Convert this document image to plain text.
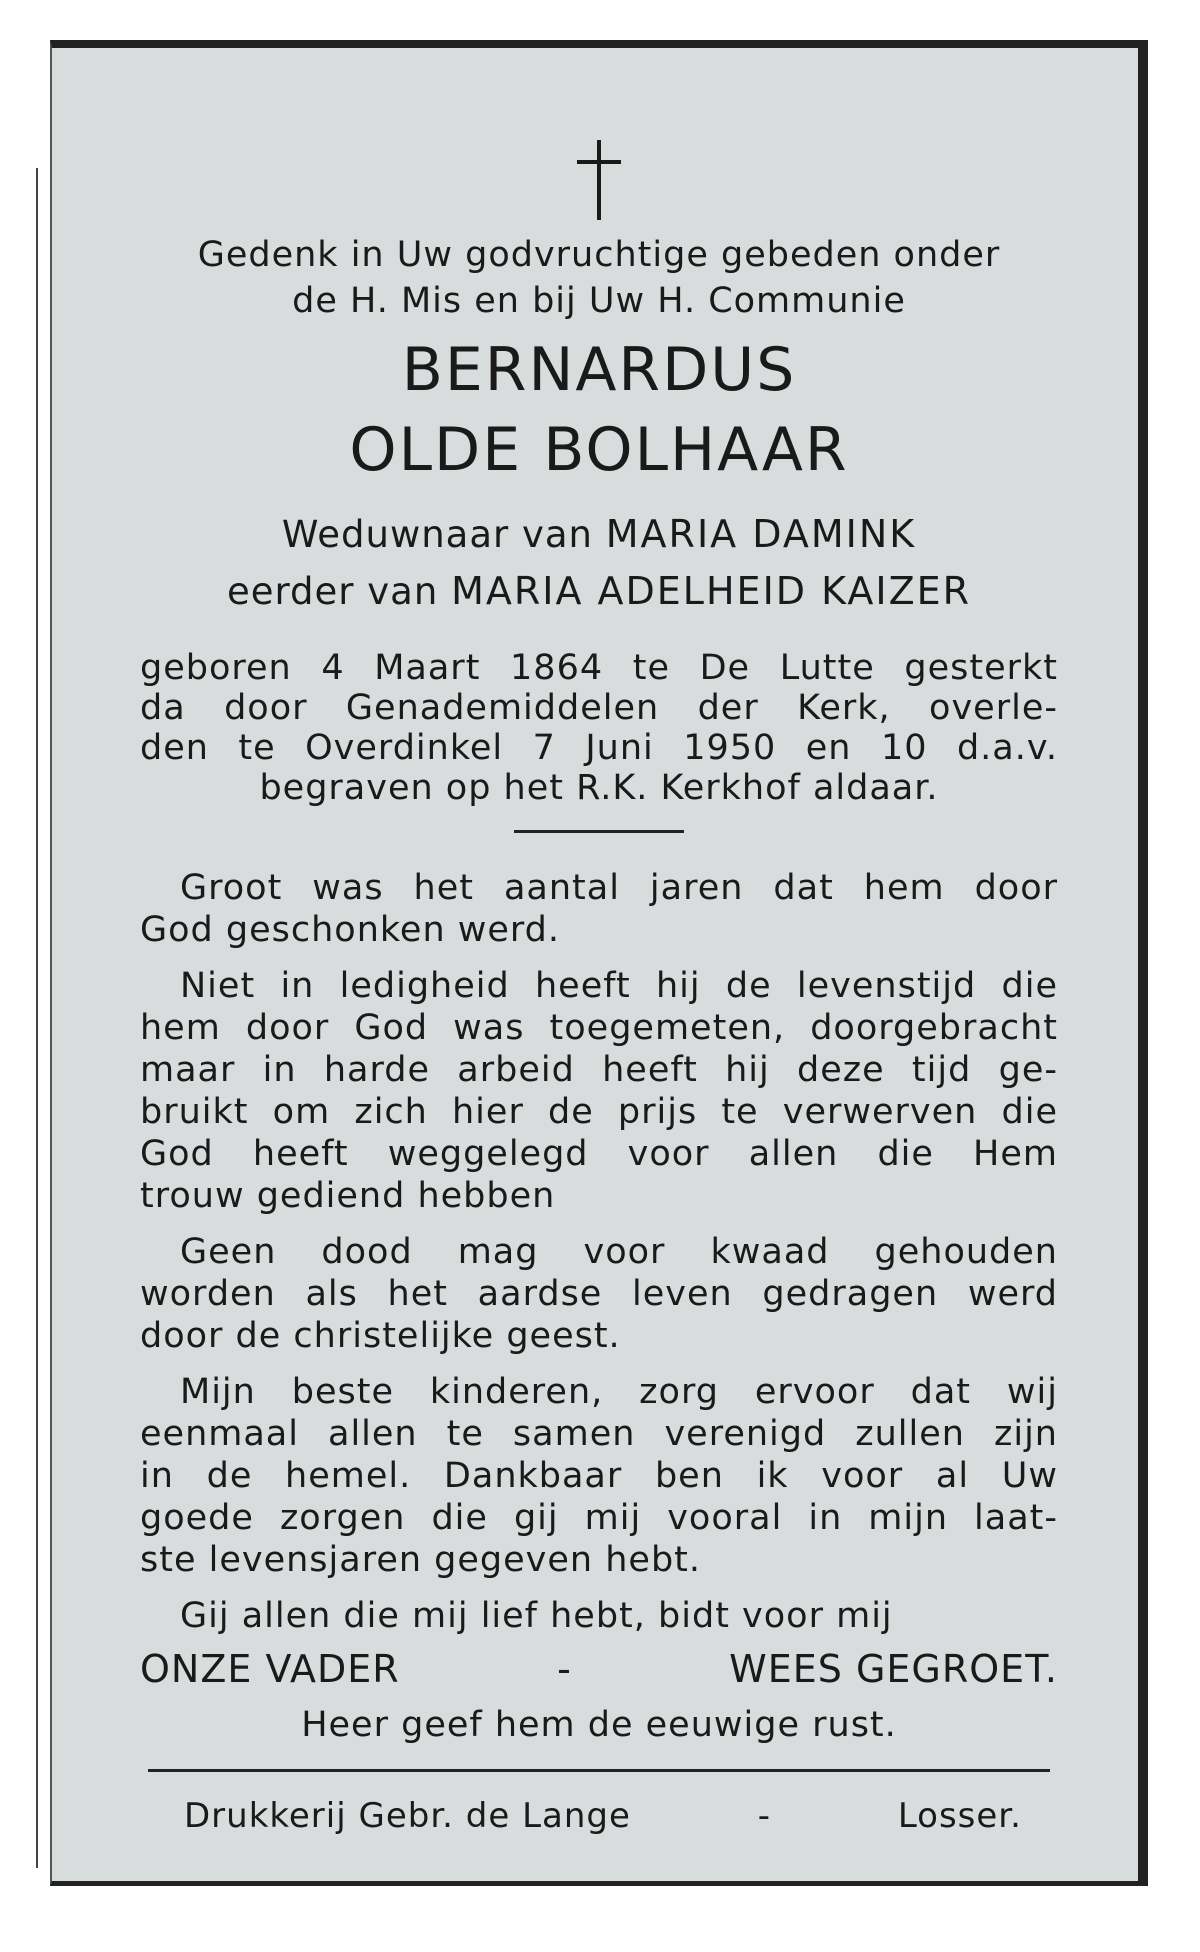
Gedenk in Uw godvruchtige gebeden onder
de H. Mis en bij Uw H. Communie
BERNARDUS
OLDE BOLHAAR
Weduwnaar van MARIA DAMINK
eerder van MARIA ADELHEID KAIZER
geboren 4 Maart 1864 te De Lutte gesterkt
da door Genademiddelen der Kerk, overle-
den te Overdinkel 7 Juni 1950 en 10 d.a.v.
begraven op het R.K. Kerkhof aldaar.
Groot was het aantal jaren dat hem door
God geschonken werd.
Niet in ledigheid heeft hij de levenstijd die
hem door God was toegemeten, doorgebracht
maar in harde arbeid heeft hij deze tijd ge-
bruikt om zich hier de prijs te verwerven die
God heeft weggelegd voor allen die Hem
trouw gediend hebben
Geen dood mag voor kwaad gehouden
worden als het aardse leven gedragen werd
door de christelijke geest.
Mijn beste kinderen, zorg ervoor dat wij
eenmaal allen te samen verenigd zullen zijn
in de hemel. Dankbaar ben ik voor al Uw
goede zorgen die gij mij vooral in mijn laat-
ste levensjaren gegeven hebt.
Gij allen die mij lief hebt, bidt voor mij
ONZE VADER	-	WEES GEGROET.
Heer geef hem de eeuwige rust.
Drukkerij Gebr. de Lange	-	Losser.
